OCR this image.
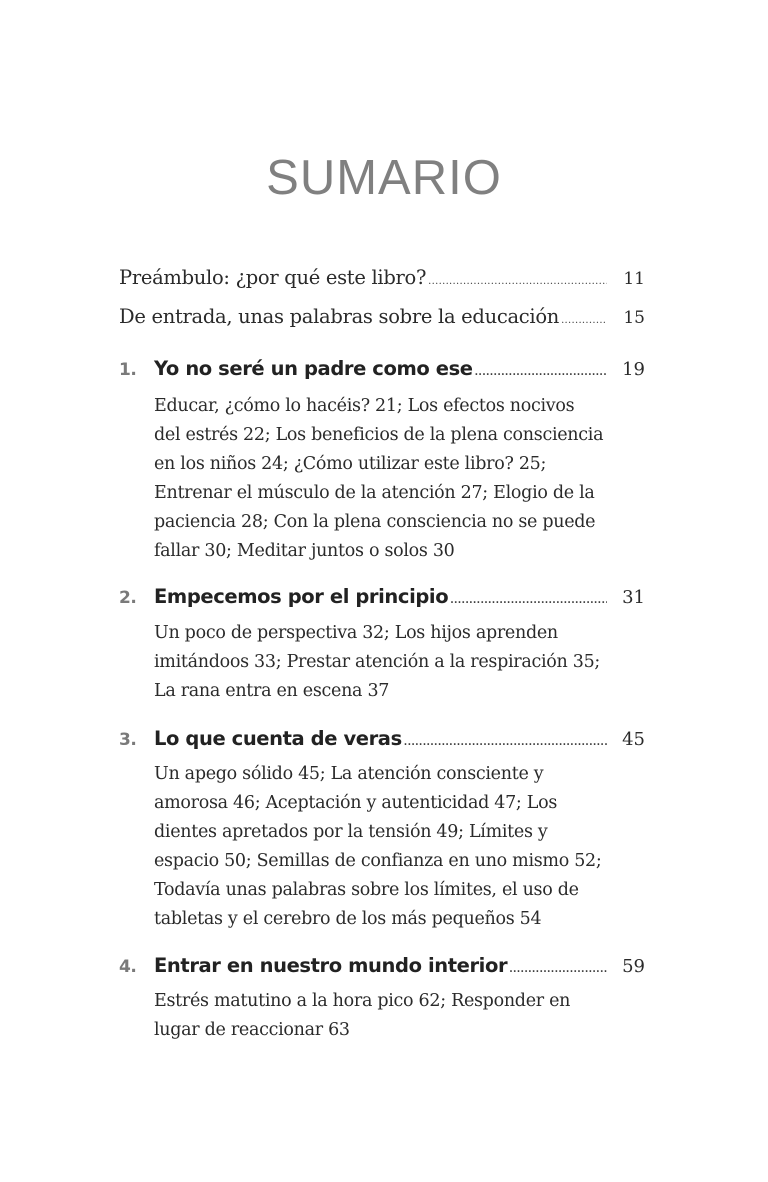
SUMARIO
Preámbulo: ¿por qué este libro? .....	11
De entrada, unas palabras sobre la educación .....	15
1. Yo no seré un padre como ese .....	19
Educar, ¿cómo lo hacéis? 21; Los efectos nocivos
del estrés 22; Los beneficios de la plena consciencia
en los niños 24; ¿Cómo utilizar este libro? 25;
Entrenar el músculo de la atención 27; Elogio de la
paciencia 28; Con la plena consciencia no se puede
fallar 30; Meditar juntos o solos 30
2. Empecemos por el principio .....	31
Un poco de perspectiva 32; Los hijos aprenden
imitándoos 33; Prestar atención a la respiración 35;
La rana entra en escena 37
3. Lo que cuenta de veras .....	45
Un apego sólido 45; La atención consciente y
amorosa 46; Aceptación y autenticidad 47; Los
dientes apretados por la tensión 49; Límites y
espacio 50; Semillas de confianza en uno mismo 52;
Todavía unas palabras sobre los límites, el uso de
tabletas y el cerebro de los más pequeños 54
4. Entrar en nuestro mundo interior .....	59
Estrés matutino a la hora pico 62; Responder en
lugar de reaccionar 63
